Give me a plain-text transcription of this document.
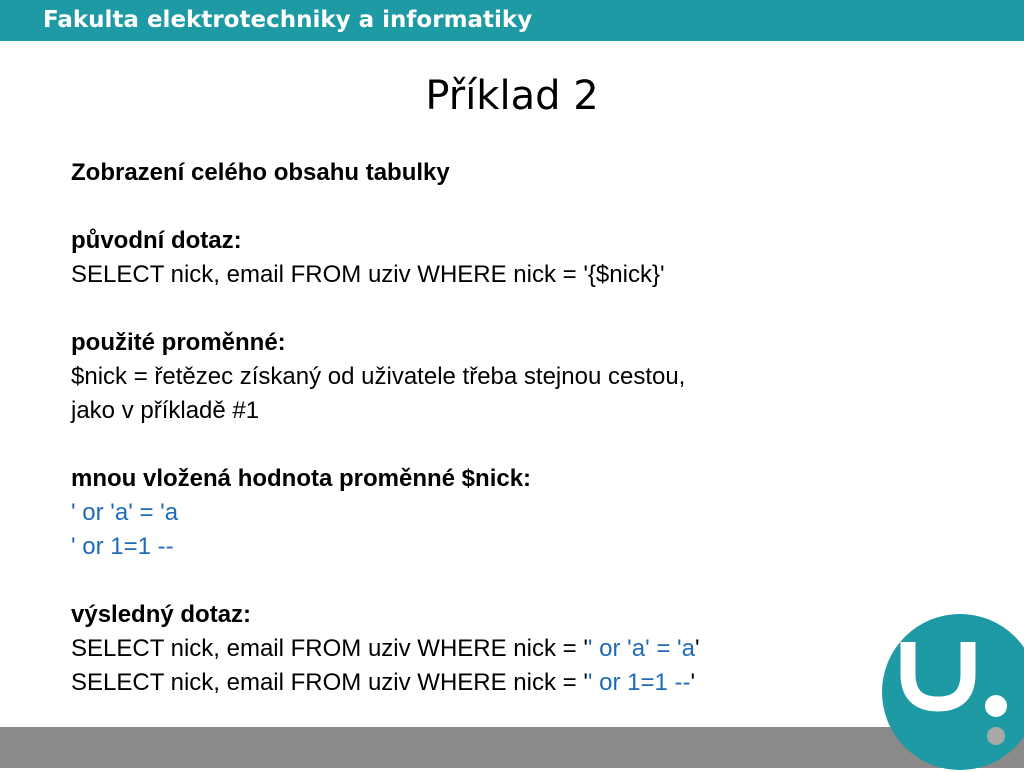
Fakulta elektrotechniky a informatiky
Příklad 2
Zobrazení celého obsahu tabulky
původní dotaz:
SELECT nick, email FROM uziv WHERE nick = '{$nick}'
použité proměnné:
$nick = řetězec získaný od uživatele třeba stejnou cestou,
jako v příkladě #1
mnou vložená hodnota proměnné $nick:
' or 'a' = 'a
' or 1=1 --
výsledný dotaz:
SELECT nick, email FROM uziv WHERE nick = '' or 'a' = 'a'
SELECT nick, email FROM uziv WHERE nick = '' or 1=1 --'
